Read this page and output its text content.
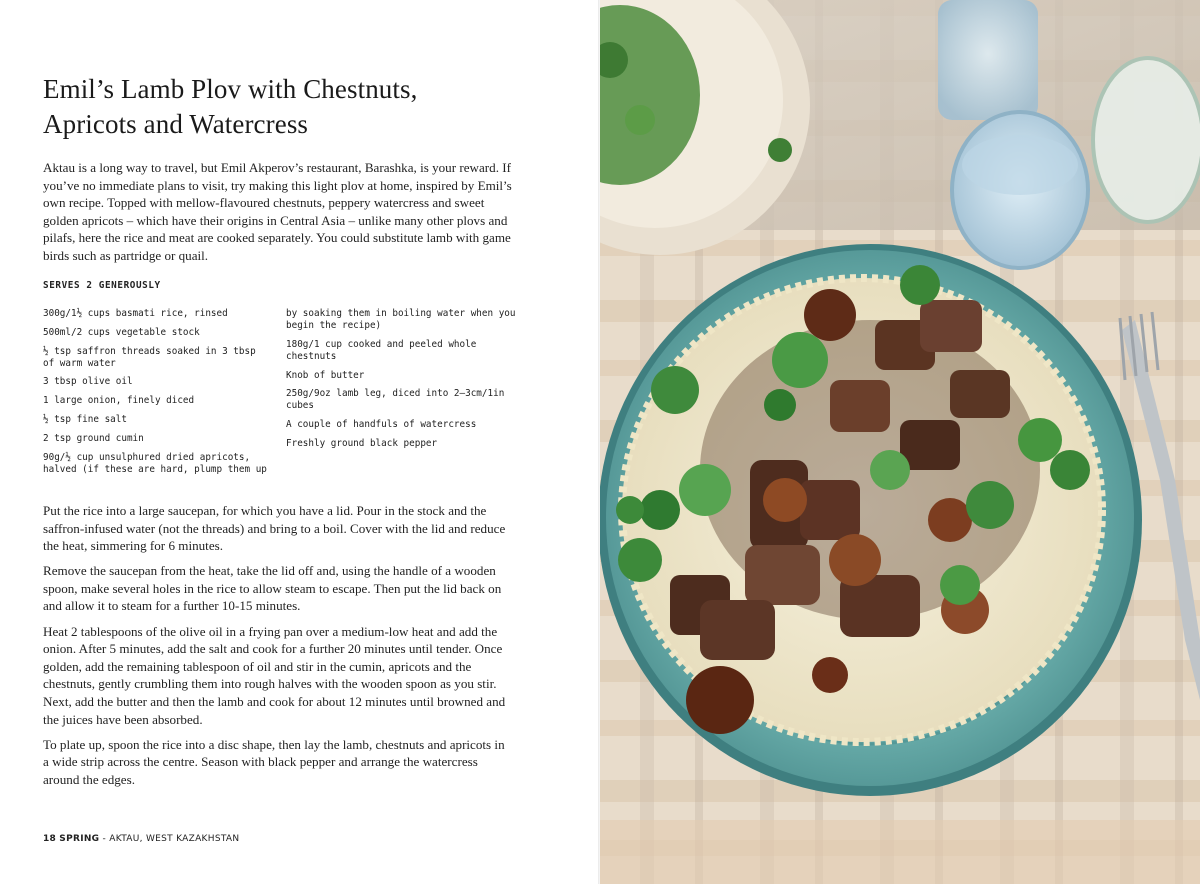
Emil’s Lamb Plov with Chestnuts,
Apricots and Watercress

Aktau is a long way to travel, but Emil Akperov’s restaurant, Barashka, is your reward. If you’ve no immediate plans to visit, try making this light plov at home, inspired by Emil’s own recipe. Topped with mellow-flavoured chestnuts, peppery watercress and sweet golden apricots – which have their origins in Central Asia – unlike many other plovs and pilafs, here the rice and meat are cooked separately. You could substitute lamb with game birds such as partridge or quail.

SERVES 2 GENEROUSLY
300g/1½ cups basmati rice, rinsed
500ml/2 cups vegetable stock
½ tsp saffron threads soaked in 3 tbsp of warm water
3 tbsp olive oil
1 large onion, finely diced
½ tsp fine salt
2 tsp ground cumin
90g/½ cup unsulphured dried apricots, halved (if these are hard, plump them up
by soaking them in boiling water when you begin the recipe)
180g/1 cup cooked and peeled whole chestnuts
Knob of butter
250g/9oz lamb leg, diced into 2–3cm/1in cubes
A couple of handfuls of watercress
Freshly ground black pepper

Put the rice into a large saucepan, for which you have a lid. Pour in the stock and the saffron-infused water (not the threads) and bring to a boil. Cover with the lid and reduce the heat, simmering for 6 minutes.

Remove the saucepan from the heat, take the lid off and, using the handle of a wooden spoon, make several holes in the rice to allow steam to escape. Then put the lid back on and allow it to steam for a further 10-15 minutes.

Heat 2 tablespoons of the olive oil in a frying pan over a medium-low heat and add the onion. After 5 minutes, add the salt and cook for a further 20 minutes until tender. Once golden, add the remaining tablespoon of oil and stir in the cumin, apricots and the chestnuts, gently crumbling them into rough halves with the wooden spoon as you stir. Next, add the butter and then the lamb and cook for about 12 minutes until browned and the juices have been absorbed.

To plate up, spoon the rice into a disc shape, then lay the lamb, chestnuts and apricots in a wide strip across the centre. Season with black pepper and arrange the watercress around the edges.

18 SPRING - AKTAU, WEST KAZAKHSTAN
